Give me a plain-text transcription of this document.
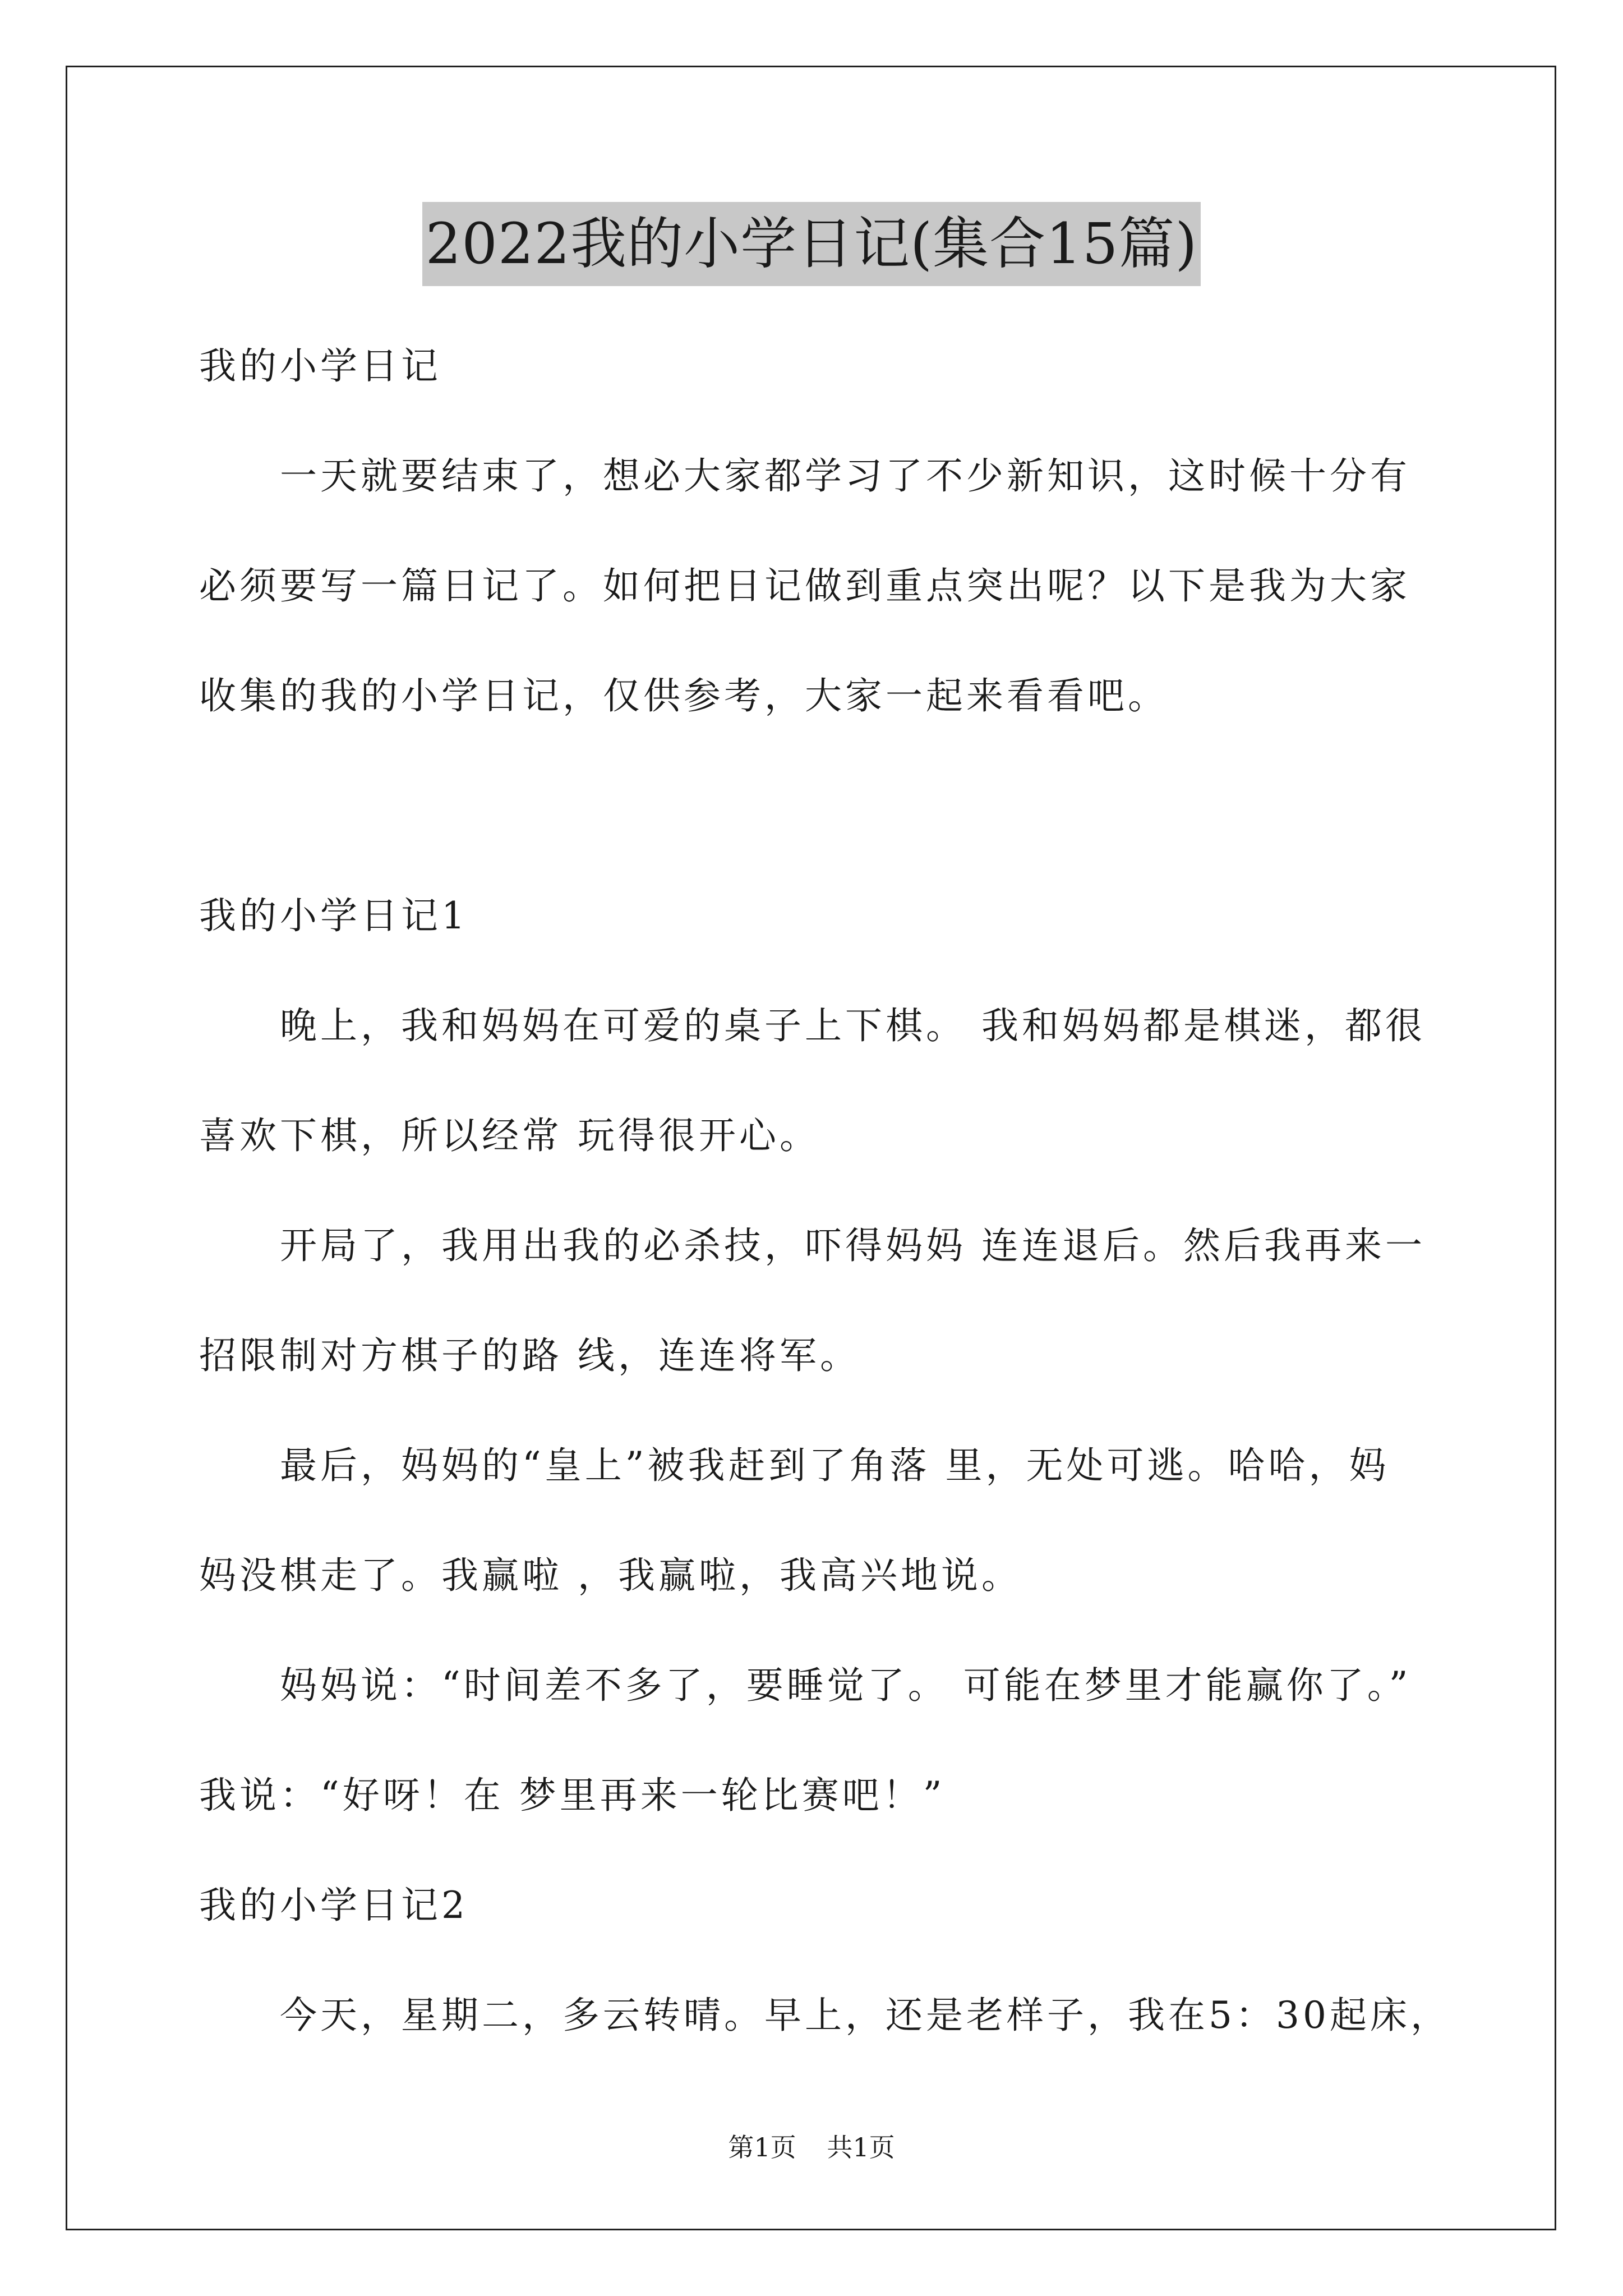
2022我的小学日记(集合15篇)
我的小学日记
一天就要结束了，想必大家都学习了不少新知识，这时候十分有
必须要写一篇日记了。如何把日记做到重点突出呢？以下是我为大家
收集的我的小学日记，仅供参考，大家一起来看看吧。
我的小学日记1
晚上，我和妈妈在可爱的桌子上下棋。 我和妈妈都是棋迷，都很
喜欢下棋，所以经常 玩得很开心。
开局了，我用出我的必杀技，吓得妈妈 连连退后。然后我再来一
招限制对方棋子的路 线，连连将军。
最后，妈妈的“皇上”被我赶到了角落 里，无处可逃。哈哈，妈
妈没棋走了。我赢啦 ，我赢啦，我高兴地说。
妈妈说：“时间差不多了，要睡觉了。 可能在梦里才能赢你了。”
我说：“好呀！在 梦里再来一轮比赛吧！”
我的小学日记2
今天，星期二，多云转晴。早上，还是老样子，我在5：30起床，
第1页 共1页
